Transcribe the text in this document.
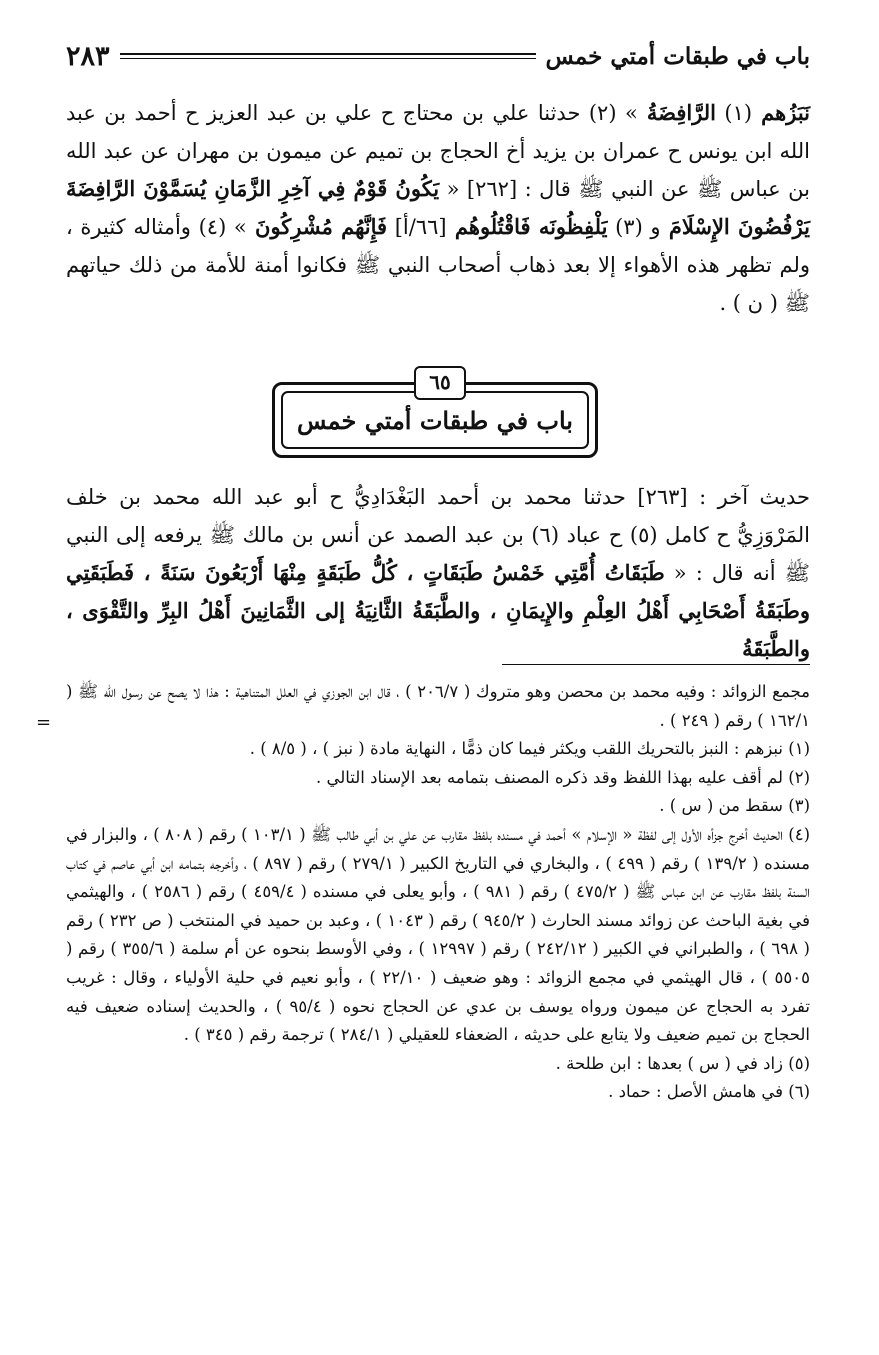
باب في طبقات أمتي خمس
٢٨٣

نَبَزُهم (١) الرَّافِضَةُ » (٢) حدثنا علي بن محتاج ح علي بن عبد العزيز ح أحمد بن عبد الله ابن يونس ح عمران بن يزيد أخ الحجاج بن تميم عن ميمون بن مهران عن عبد الله بن عباس ﷺ عن النبي ﷺ قال : [٢٦٢] « يَكُونُ قَوْمٌ فِي آخِرِ الزَّمَانِ يُسَمَّوْنَ الرَّافِضَةَ يَرْفُضُونَ الإِسْلَامَ و (٣) يَلْفِظُونَه فَاقْتُلُوهُم [٦٦/أ] فَإِنَّهُم مُشْرِكُونَ » (٤) وأمثاله كثيرة ، ولم تظهر هذه الأهواء إلا بعد ذهاب أصحاب النبي ﷺ فكانوا أمنة للأمة من ذلك حياتهم ﷺ ( ن ) .

باب في طبقات أمتي خمس
٦٥

حديث آخر : [٢٦٣] حدثنا محمد بن أحمد البَغْدَادِيُّ ح أبو عبد الله محمد بن خلف المَرْوَزِيُّ ح كامل (٥) ح عباد (٦) بن عبد الصمد عن أنس بن مالك ﷺ يرفعه إلى النبي ﷺ أنه قال : « طَبَقَاتُ أُمَّتِي خَمْسُ طَبَقَاتٍ ، كُلُّ طَبَقَةٍ مِنْهَا أَرْبَعُونَ سَنَةً ، فَطَبَقَتِي وطَبَقَةُ أَصْحَابِي أَهْلُ العِلْمِ والإِيمَانِ ، والطَّبَقَةُ الثَّانِيَةُ إلى الثَّمَانِينَ أَهْلُ البِرِّ والتَّقْوَى ، والطَّبَقَةُ

=

مجمع الزوائد : وفيه محمد بن محصن وهو متروك ( ٢٠٦/٧ ) ، قال ابن الجوزي في العلل المتناهية : هذا لا يصح عن رسول الله ﷺ ( ١٦٢/١ ) رقم ( ٢٤٩ ) .

(١) نبزهم : النبز بالتحريك اللقب ويكثر فيما كان ذمًّا ، النهاية مادة ( نبز ) ، ( ٨/٥ ) .

(٢) لم أقف عليه بهذا اللفظ وقد ذكره المصنف بتمامه بعد الإسناد التالي .

(٣) سقط من ( س ) .

(٤) الحديث أخرج جزأه الأول إلى لفظة « الإسلام » أحمد في مسنده بلفظ مقارب عن علي بن أبي طالب ﷺ ( ١٠٣/١ ) رقم ( ٨٠٨ ) ، والبزار في مسنده ( ١٣٩/٢ ) رقم ( ٤٩٩ ) ، والبخاري في التاريخ الكبير ( ٢٧٩/١ ) رقم ( ٨٩٧ ) ، وأخرجه بتمامه ابن أبي عاصم في كتاب السنة بلفظ مقارب عن ابن عباس ﷺ ( ٤٧٥/٢ ) رقم ( ٩٨١ ) ، وأبو يعلى في مسنده ( ٤٥٩/٤ ) رقم ( ٢٥٨٦ ) ، والهيثمي في بغية الباحث عن زوائد مسند الحارث ( ٩٤٥/٢ ) رقم ( ١٠٤٣ ) ، وعبد بن حميد في المنتخب ( ص ٢٣٢ ) رقم ( ٦٩٨ ) ، والطبراني في الكبير ( ٢٤٢/١٢ ) رقم ( ١٢٩٩٧ ) ، وفي الأوسط بنحوه عن أم سلمة ( ٣٥٥/٦ ) رقم ( ٥٥٠٥ ) ، قال الهيثمي في مجمع الزوائد : وهو ضعيف ( ٢٢/١٠ ) ، وأبو نعيم في حلية الأولياء ، وقال : غريب تفرد به الحجاج عن ميمون ورواه يوسف بن عدي عن الحجاج نحوه ( ٩٥/٤ ) ، والحديث إسناده ضعيف فيه الحجاج بن تميم ضعيف ولا يتابع على حديثه ، الضعفاء للعقيلي ( ٢٨٤/١ ) ترجمة رقم ( ٣٤٥ ) .

(٥) زاد في ( س ) بعدها : ابن طلحة .

(٦) في هامش الأصل : حماد .
